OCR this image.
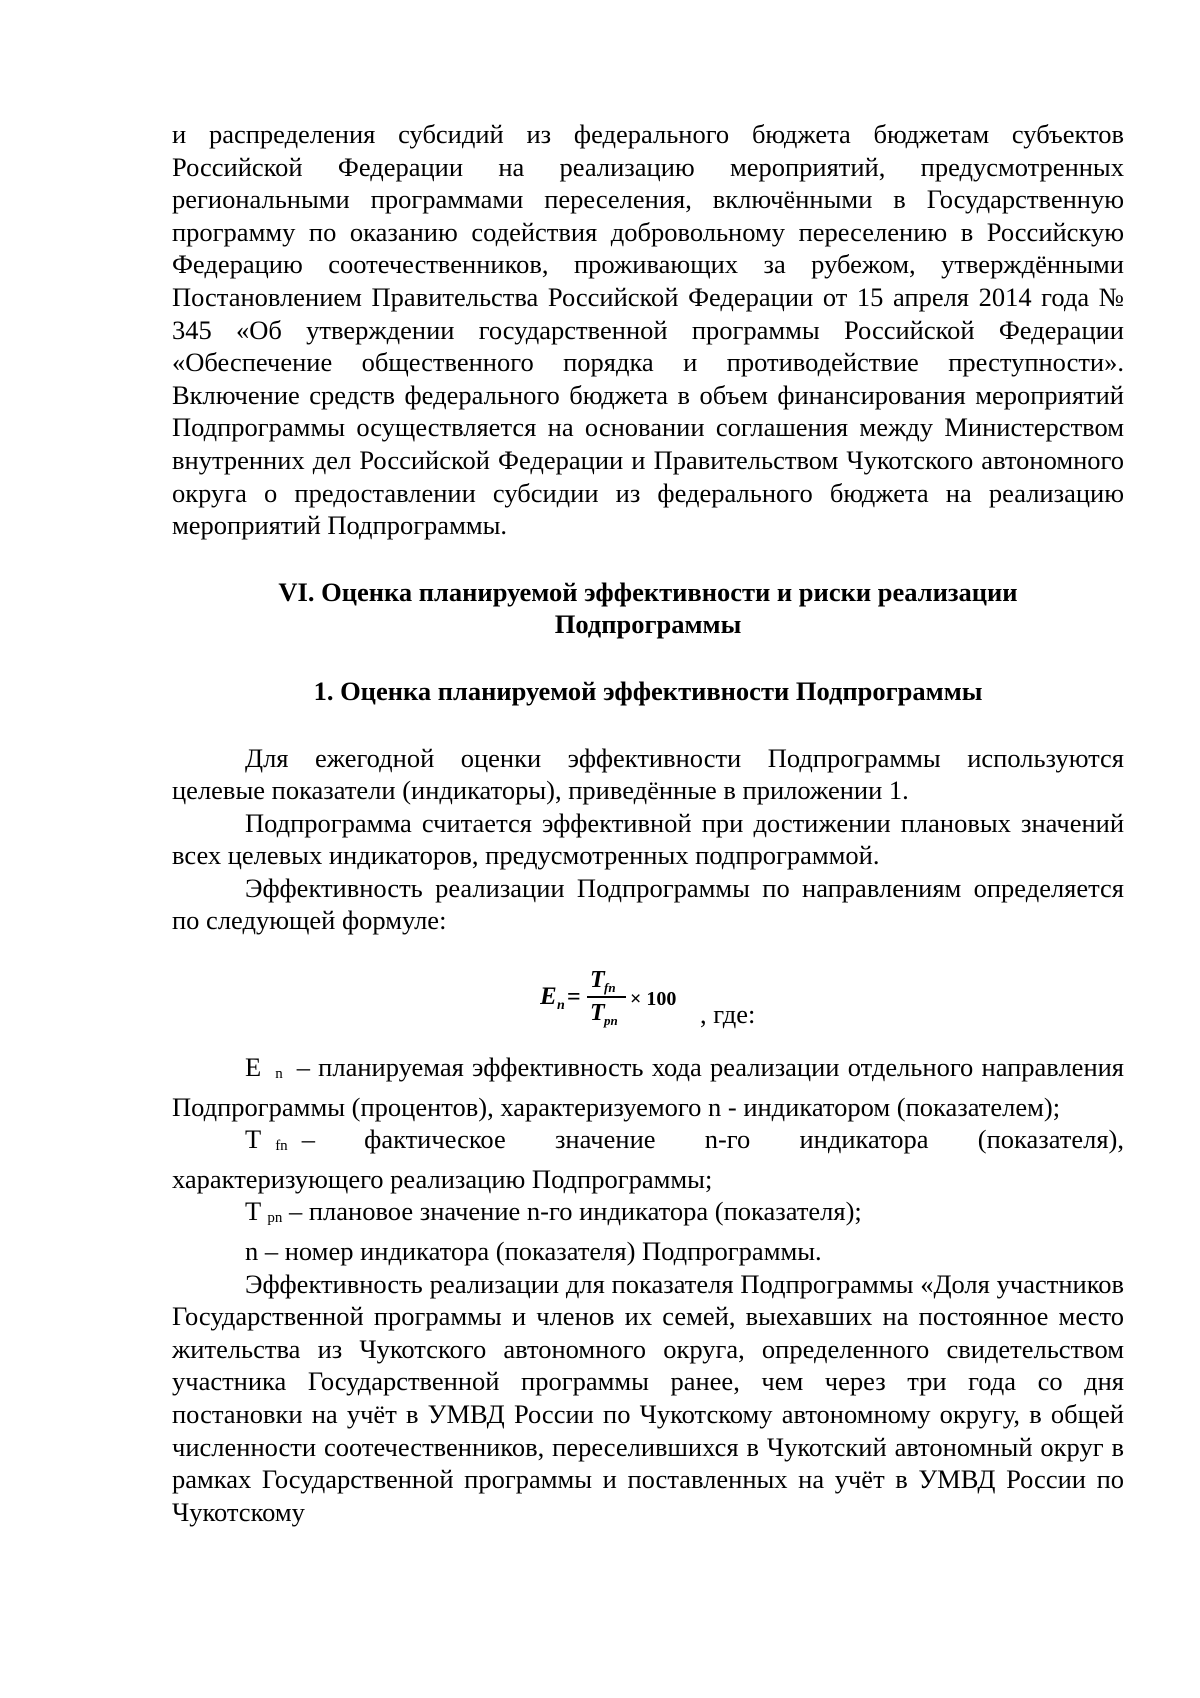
и распределения субсидий из федерального бюджета бюджетам субъектов Российской Федерации на реализацию мероприятий, предусмотренных региональными программами переселения, включёнными в Государственную программу по оказанию содействия добровольному переселению в Российскую Федерацию соотечественников, проживающих за рубежом, утверждёнными Постановлением Правительства Российской Федерации от 15 апреля 2014 года № 345 «Об утверждении государственной программы Российской Федерации «Обеспечение общественного порядка и противодействие преступности». Включение средств федерального бюджета в объем финансирования мероприятий Подпрограммы осуществляется на основании соглашения между Министерством внутренних дел Российской Федерации и Правительством Чукотского автономного округа о предоставлении субсидии из федерального бюджета на реализацию мероприятий Подпрограммы.

VI. Оценка планируемой эффективности и риски реализации

Подпрограммы

1. Оценка планируемой эффективности Подпрограммы

Для ежегодной оценки эффективности Подпрограммы используются целевые показатели (индикаторы), приведённые в приложении 1.

Подпрограмма считается эффективной при достижении плановых значений всех целевых индикаторов, предусмотренных подпрограммой.

Эффективность реализации Подпрограммы по направлениям определяется по следующей формуле:

E n =
T fn
T pn
× 100 , где:

En – планируемая эффективность хода реализации отдельного направления Подпрограммы (процентов), характеризуемого n - индикатором (показателем);

Tfn – фактическое значение n-го индикатора (показателя), характеризующего реализацию Подпрограммы;

T pn – плановое значение n-го индикатора (показателя);

n – номер индикатора (показателя) Подпрограммы.

Эффективность реализации для показателя Подпрограммы «Доля участников Государственной программы и членов их семей, выехавших на постоянное место жительства из Чукотского автономного округа, определенного свидетельством участника Государственной программы ранее, чем через три года со дня постановки на учёт в УМВД России по Чукотскому автономному округу, в общей численности соотечественников, переселившихся в Чукотский автономный округ в рамках Государственной программы и поставленных на учёт в УМВД России по Чукотскому
